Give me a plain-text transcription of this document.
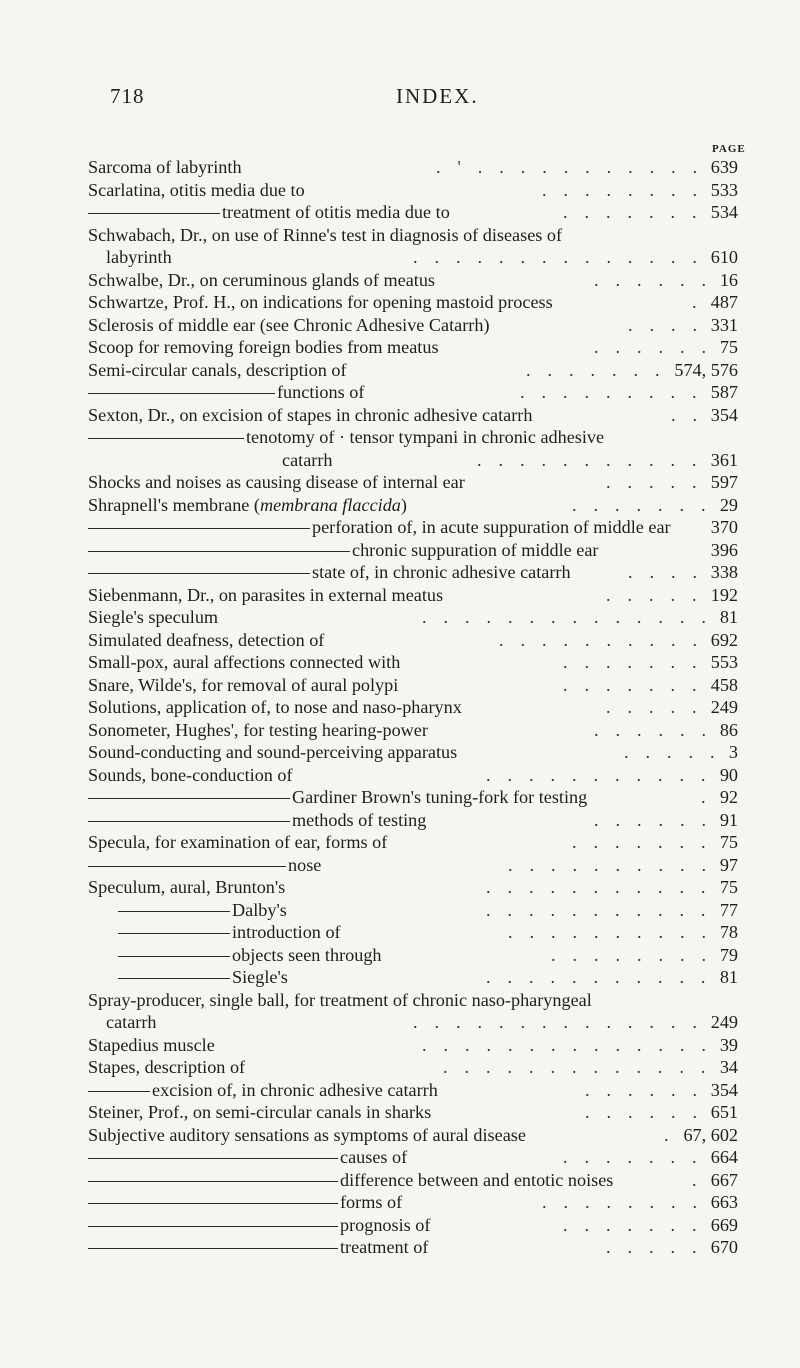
718	INDEX.
PAGE
Sarcoma of labyrinth	. ' . . . . . . . . . . . 639
Scarlatina, otitis media due to	. . . . . . . . 533
treatment of otitis media due to	. . . . . . . 534
Schwabach, Dr., on use of Rinne's test in diagnosis of diseases of
labyrinth	. . . . . . . . . . . . . . 610
Schwalbe, Dr., on ceruminous glands of meatus	. . . . . . 16
Schwartze, Prof. H., on indications for opening mastoid process	. 487
Sclerosis of middle ear (see Chronic Adhesive Catarrh)	. . . . 331
Scoop for removing foreign bodies from meatus	. . . . . . 75
Semi-circular canals, description of	. . . . . . . 574, 576
functions of	. . . . . . . . . 587
Sexton, Dr., on excision of stapes in chronic adhesive catarrh	. . 354
tenotomy of · tensor tympani in chronic adhesive
catarrh	. . . . . . . . . . . 361
Shocks and noises as causing disease of internal ear	. . . . . 597
Shrapnell's membrane (membrana flaccida)	. . . . . . . 29
perforation of, in acute suppuration of middle ear 370
chronic suppuration of middle ear	396
state of, in chronic adhesive catarrh	. . . . 338
Siebenmann, Dr., on parasites in external meatus	. . . . . 192
Siegle's speculum	. . . . . . . . . . . . . . 81
Simulated deafness, detection of	. . . . . . . . . . 692
Small-pox, aural affections connected with	. . . . . . . 553
Snare, Wilde's, for removal of aural polypi	. . . . . . . 458
Solutions, application of, to nose and naso-pharynx	. . . . . 249
Sonometer, Hughes', for testing hearing-power	. . . . . . 86
Sound-conducting and sound-perceiving apparatus	. . . . . 3
Sounds, bone-conduction of	. . . . . . . . . . . 90
Gardiner Brown's tuning-fork for testing	. 92
methods of testing	. . . . . . 91
Specula, for examination of ear, forms of	. . . . . . . 75
nose	. . . . . . . . . . 97
Speculum, aural, Brunton's	. . . . . . . . . . . 75
Dalby's	. . . . . . . . . . . 77
introduction of	. . . . . . . . . . 78
objects seen through	. . . . . . . . 79
Siegle's	. . . . . . . . . . . 81
Spray-producer, single ball, for treatment of chronic naso-pharyngeal
catarrh	. . . . . . . . . . . . . . 249
Stapedius muscle	. . . . . . . . . . . . . . 39
Stapes, description of	. . . . . . . . . . . . . 34
excision of, in chronic adhesive catarrh	. . . . . . 354
Steiner, Prof., on semi-circular canals in sharks	. . . . . . 651
Subjective auditory sensations as symptoms of aural disease	. 67, 602
causes of	. . . . . . . 664
difference between and entotic noises	. 667
forms of	. . . . . . . . 663
prognosis of	. . . . . . . 669
treatment of	. . . . . 670
